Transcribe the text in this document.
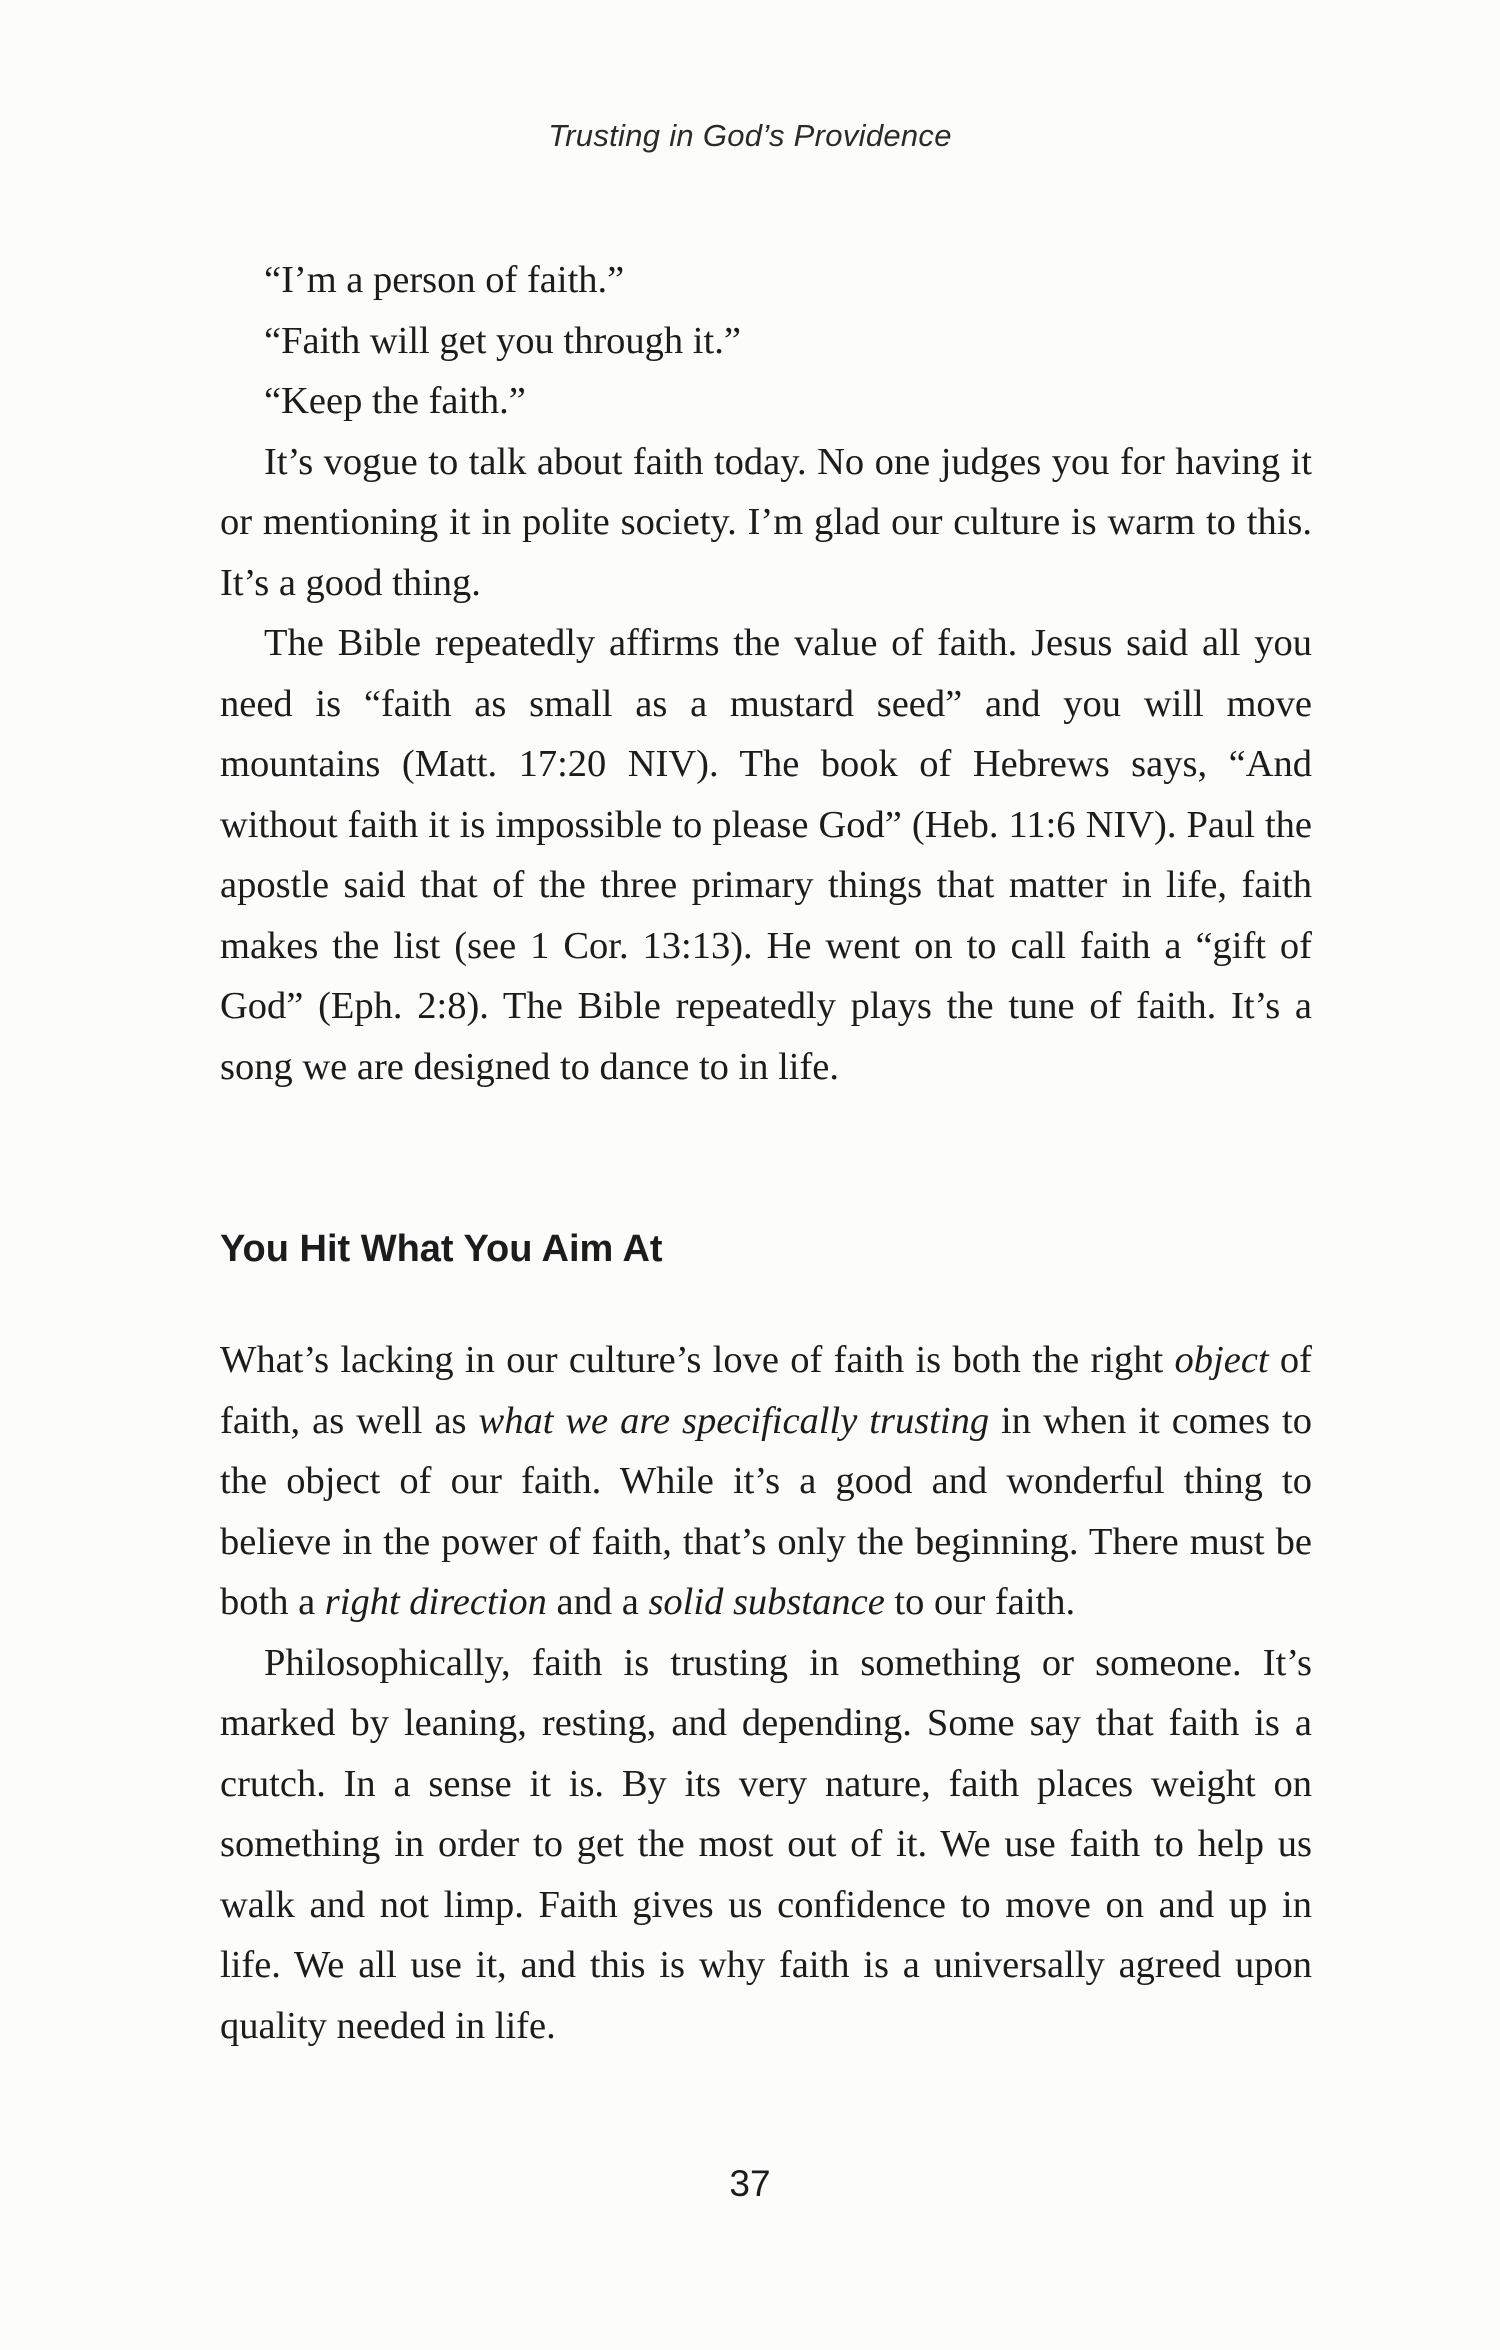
Trusting in God’s Providence

“I’m a person of faith.”

“Faith will get you through it.”

“Keep the faith.”

It’s vogue to talk about faith today. No one judges you for having it or mentioning it in polite society. I’m glad our culture is warm to this. It’s a good thing.

The Bible repeatedly affirms the value of faith. Jesus said all you need is “faith as small as a mustard seed” and you will move mountains (Matt. 17:20 NIV). The book of Hebrews says, “And without faith it is impossible to please God” (Heb. 11:6 NIV). Paul the apostle said that of the three primary things that matter in life, faith makes the list (see 1 Cor. 13:13). He went on to call faith a “gift of God” (Eph. 2:8). The Bible repeatedly plays the tune of faith. It’s a song we are designed to dance to in life.

You Hit What You Aim At

What’s lacking in our culture’s love of faith is both the right object of faith, as well as what we are specifically trusting in when it comes to the object of our faith. While it’s a good and wonderful thing to believe in the power of faith, that’s only the beginning. There must be both a right direction and a solid substance to our faith.

Philosophically, faith is trusting in something or someone. It’s marked by leaning, resting, and depending. Some say that faith is a crutch. In a sense it is. By its very nature, faith places weight on something in order to get the most out of it. We use faith to help us walk and not limp. Faith gives us confidence to move on and up in life. We all use it, and this is why faith is a universally agreed upon quality needed in life.

37
